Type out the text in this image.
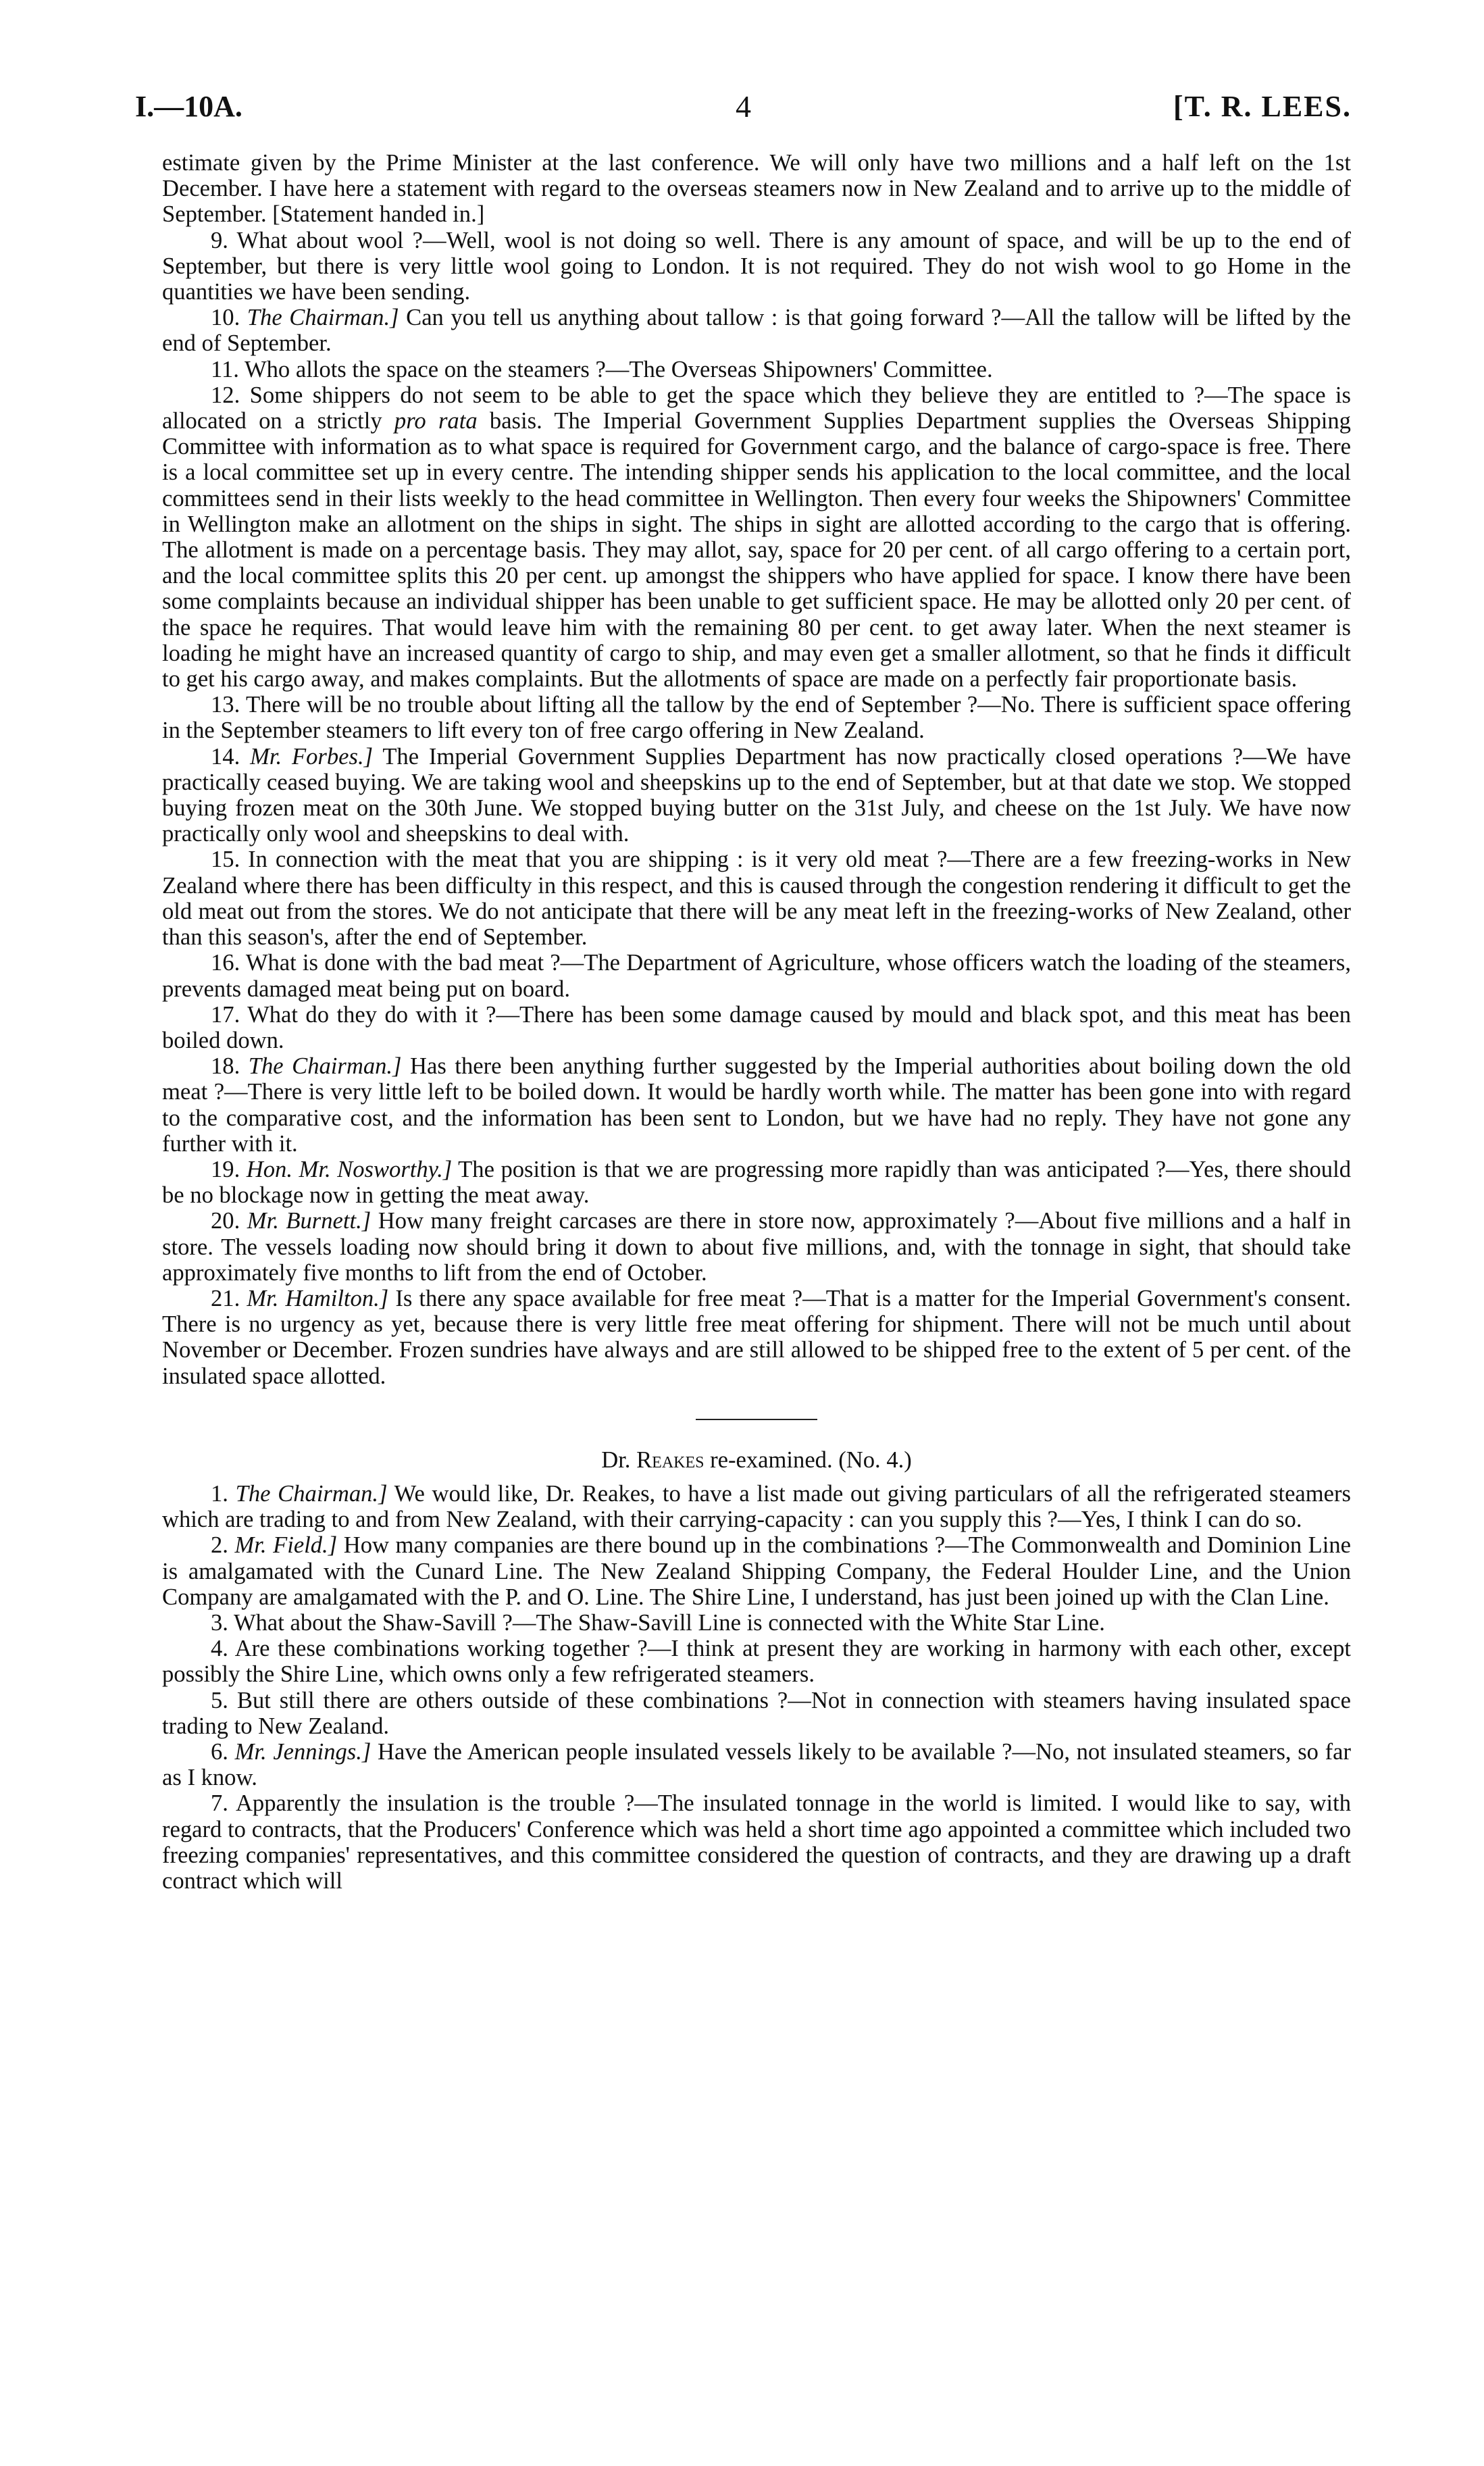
I.—10A.	4	[T. R. LEES.

estimate given by the Prime Minister at the last conference. We will only have two millions and a half left on the 1st December. I have here a statement with regard to the overseas steamers now in New Zealand and to arrive up to the middle of September. [Statement handed in.]

9. What about wool ?—Well, wool is not doing so well. There is any amount of space, and will be up to the end of September, but there is very little wool going to London. It is not required. They do not wish wool to go Home in the quantities we have been sending.

10. The Chairman.] Can you tell us anything about tallow : is that going forward ?—All the tallow will be lifted by the end of September.

11. Who allots the space on the steamers ?—The Overseas Shipowners' Committee.

12. Some shippers do not seem to be able to get the space which they believe they are entitled to ?—The space is allocated on a strictly pro rata basis. The Imperial Government Supplies Department supplies the Overseas Shipping Committee with information as to what space is required for Government cargo, and the balance of cargo-space is free. There is a local committee set up in every centre. The intending shipper sends his application to the local committee, and the local committees send in their lists weekly to the head committee in Wellington. Then every four weeks the Shipowners' Committee in Wellington make an allotment on the ships in sight. The ships in sight are allotted according to the cargo that is offering. The allotment is made on a percentage basis. They may allot, say, space for 20 per cent. of all cargo offering to a certain port, and the local committee splits this 20 per cent. up amongst the shippers who have applied for space. I know there have been some complaints because an individual shipper has been unable to get sufficient space. He may be allotted only 20 per cent. of the space he requires. That would leave him with the remaining 80 per cent. to get away later. When the next steamer is loading he might have an increased quantity of cargo to ship, and may even get a smaller allotment, so that he finds it difficult to get his cargo away, and makes complaints. But the allotments of space are made on a perfectly fair proportionate basis.

13. There will be no trouble about lifting all the tallow by the end of September ?—No. There is sufficient space offering in the September steamers to lift every ton of free cargo offering in New Zealand.

14. Mr. Forbes.] The Imperial Government Supplies Department has now practically closed operations ?—We have practically ceased buying. We are taking wool and sheepskins up to the end of September, but at that date we stop. We stopped buying frozen meat on the 30th June. We stopped buying butter on the 31st July, and cheese on the 1st July. We have now practically only wool and sheepskins to deal with.

15. In connection with the meat that you are shipping : is it very old meat ?—There are a few freezing-works in New Zealand where there has been difficulty in this respect, and this is caused through the congestion rendering it difficult to get the old meat out from the stores. We do not anticipate that there will be any meat left in the freezing-works of New Zealand, other than this season's, after the end of September.

16. What is done with the bad meat ?—The Department of Agriculture, whose officers watch the loading of the steamers, prevents damaged meat being put on board.

17. What do they do with it ?—There has been some damage caused by mould and black spot, and this meat has been boiled down.

18. The Chairman.] Has there been anything further suggested by the Imperial authorities about boiling down the old meat ?—There is very little left to be boiled down. It would be hardly worth while. The matter has been gone into with regard to the comparative cost, and the information has been sent to London, but we have had no reply. They have not gone any further with it.

19. Hon. Mr. Nosworthy.] The position is that we are progressing more rapidly than was anticipated ?—Yes, there should be no blockage now in getting the meat away.

20. Mr. Burnett.] How many freight carcases are there in store now, approximately ?—About five millions and a half in store. The vessels loading now should bring it down to about five millions, and, with the tonnage in sight, that should take approximately five months to lift from the end of October.

21. Mr. Hamilton.] Is there any space available for free meat ?—That is a matter for the Imperial Government's consent. There is no urgency as yet, because there is very little free meat offering for shipment. There will not be much until about November or December. Frozen sundries have always and are still allowed to be shipped free to the extent of 5 per cent. of the insulated space allotted.

Dr. Reakes re-examined. (No. 4.)

1. The Chairman.] We would like, Dr. Reakes, to have a list made out giving particulars of all the refrigerated steamers which are trading to and from New Zealand, with their carrying-capacity : can you supply this ?—Yes, I think I can do so.

2. Mr. Field.] How many companies are there bound up in the combinations ?—The Commonwealth and Dominion Line is amalgamated with the Cunard Line. The New Zealand Shipping Company, the Federal Houlder Line, and the Union Company are amalgamated with the P. and O. Line. The Shire Line, I understand, has just been joined up with the Clan Line.

3. What about the Shaw-Savill ?—The Shaw-Savill Line is connected with the White Star Line.

4. Are these combinations working together ?—I think at present they are working in harmony with each other, except possibly the Shire Line, which owns only a few refrigerated steamers.

5. But still there are others outside of these combinations ?—Not in connection with steamers having insulated space trading to New Zealand.

6. Mr. Jennings.] Have the American people insulated vessels likely to be available ?—No, not insulated steamers, so far as I know.

7. Apparently the insulation is the trouble ?—The insulated tonnage in the world is limited. I would like to say, with regard to contracts, that the Producers' Conference which was held a short time ago appointed a committee which included two freezing companies' representatives, and this committee considered the question of contracts, and they are drawing up a draft contract which will
